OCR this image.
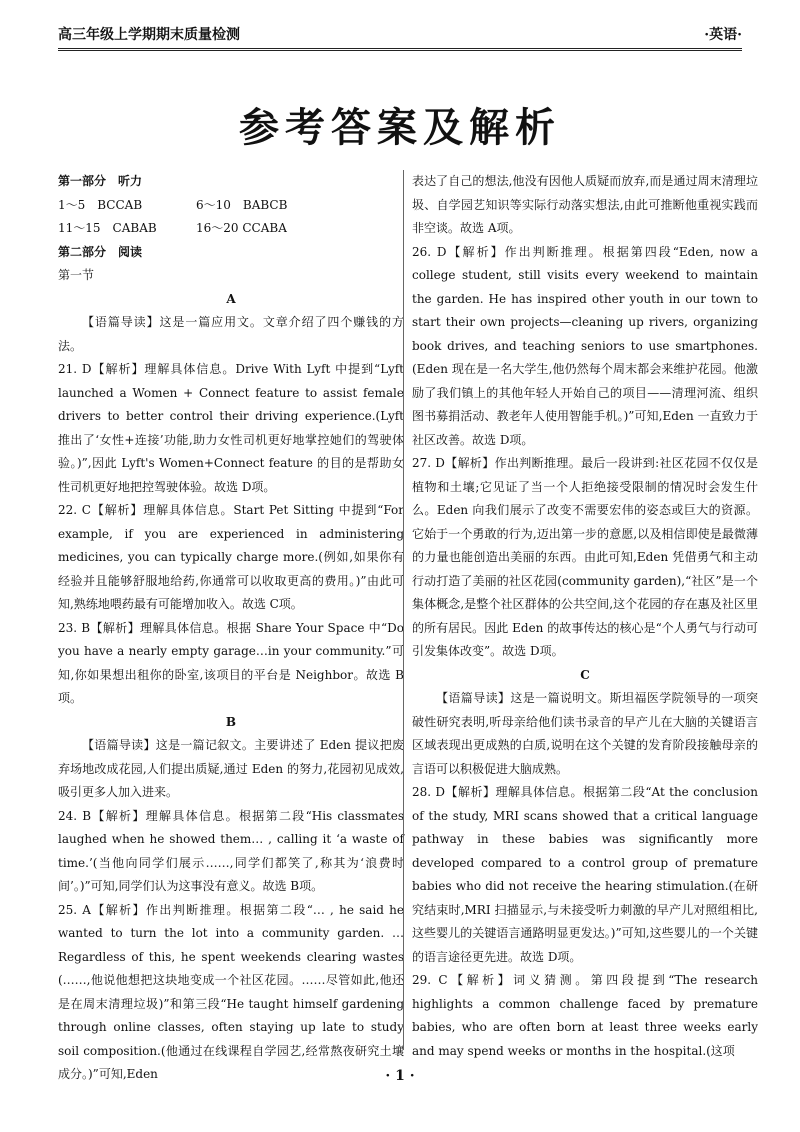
高三年级上学期期末质量检测	·英语·
参考答案及解析

第一部分　听力

1～5　BCCAB	6～10　BABCB
11～15　CABAB	16～20 CCABA

第二部分　阅读

第一节

A

【语篇导读】这是一篇应用文。文章介绍了四个赚钱的方法。

21. D【解析】理解具体信息。Drive With Lyft 中提到“Lyft launched a Women + Connect feature to assist female drivers to better control their driving experience.(Lyft 推出了‘女性+连接’功能,助力女性司机更好地掌控她们的驾驶体验。)”,因此 Lyft's Women+Connect feature 的目的是帮助女性司机更好地把控驾驶体验。故选 D项。

22. C【解析】理解具体信息。Start Pet Sitting 中提到“For example, if you are experienced in administering medicines, you can typically charge more.(例如,如果你有经验并且能够舒服地给药,你通常可以收取更高的费用。)”由此可知,熟练地喂药最有可能增加收入。故选 C项。

23. B【解析】理解具体信息。根据 Share Your Space 中“Do you have a nearly empty garage…in your community.”可知,你如果想出租你的卧室,该项目的平台是 Neighbor。故选 B项。

B

【语篇导读】这是一篇记叙文。主要讲述了 Eden 提议把废弃场地改成花园,人们提出质疑,通过 Eden 的努力,花园初见成效,吸引更多人加入进来。

24. B【解析】理解具体信息。根据第二段“His classmates laughed when he showed them… , calling it ‘a waste of time.’(当他向同学们展示……,同学们都笑了,称其为‘浪费时间’。)”可知,同学们认为这事没有意义。故选 B项。

25. A【解析】作出判断推理。根据第二段“… , he said he wanted to turn the lot into a community garden. … Regardless of this, he spent weekends clearing wastes (……,他说他想把这块地变成一个社区花园。……尽管如此,他还是在周末清理垃圾)”和第三段“He taught himself gardening through online classes, often staying up late to study soil composition.(他通过在线课程自学园艺,经常熬夜研究土壤成分。)”可知,Eden

表达了自己的想法,他没有因他人质疑而放弃,而是通过周末清理垃圾、自学园艺知识等实际行动落实想法,由此可推断他重视实践而非空谈。故选 A项。

26. D【解析】作出判断推理。根据第四段“Eden, now a college student, still visits every weekend to maintain the garden. He has inspired other youth in our town to start their own projects—cleaning up rivers, organizing book drives, and teaching seniors to use smartphones.(Eden 现在是一名大学生,他仍然每个周末都会来维护花园。他激励了我们镇上的其他年轻人开始自己的项目——清理河流、组织图书募捐活动、教老年人使用智能手机。)”可知,Eden 一直致力于社区改善。故选 D项。

27. D【解析】作出判断推理。最后一段讲到:社区花园不仅仅是植物和土壤;它见证了当一个人拒绝接受限制的情况时会发生什么。Eden 向我们展示了改变不需要宏伟的姿态或巨大的资源。它始于一个勇敢的行为,迈出第一步的意愿,以及相信即使是最微薄的力量也能创造出美丽的东西。由此可知,Eden 凭借勇气和主动行动打造了美丽的社区花园(community garden),“社区”是一个集体概念,是整个社区群体的公共空间,这个花园的存在惠及社区里的所有居民。因此 Eden 的故事传达的核心是“个人勇气与行动可引发集体改变”。故选 D项。

C

【语篇导读】这是一篇说明文。斯坦福医学院领导的一项突破性研究表明,听母亲给他们读书录音的早产儿在大脑的关键语言区域表现出更成熟的白质,说明在这个关键的发育阶段接触母亲的言语可以积极促进大脑成熟。

28. D【解析】理解具体信息。根据第二段“At the conclusion of the study, MRI scans showed that a critical language pathway in these babies was significantly more developed compared to a control group of premature babies who did not receive the hearing stimulation.(在研究结束时,MRI 扫描显示,与未接受听力刺激的早产儿对照组相比,这些婴儿的关键语言通路明显更发达。)”可知,这些婴儿的一个关键的语言途径更先进。故选 D项。

29. C【解析】词义猜测。第四段提到“The research highlights a common challenge faced by premature babies, who are often born at least three weeks early and may spend weeks or months in the hospital.(这项

· 1 ·
